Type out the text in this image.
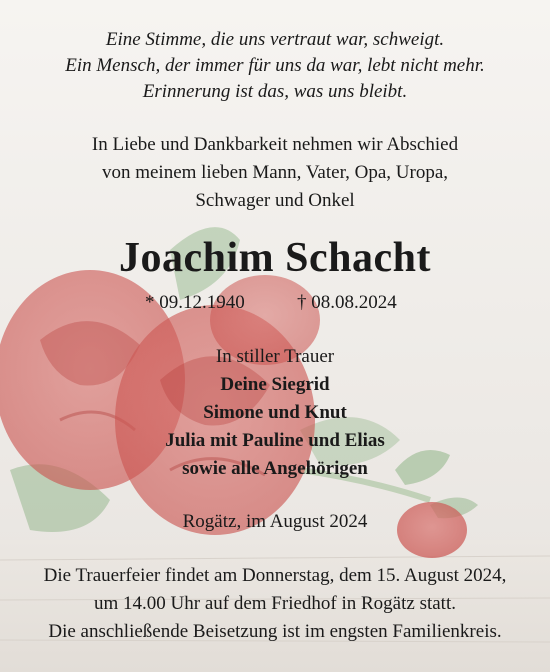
Eine Stimme, die uns vertraut war, schweigt.
Ein Mensch, der immer für uns da war, lebt nicht mehr.
Erinnerung ist das, was uns bleibt.
In Liebe und Dankbarkeit nehmen wir Abschied
von meinem lieben Mann, Vater, Opa, Uropa,
Schwager und Onkel
Joachim Schacht
* 09.12.1940	† 08.08.2024
In stiller Trauer
Deine Siegrid
Simone und Knut
Julia mit Pauline und Elias
sowie alle Angehörigen
Rogätz, im August 2024
Die Trauerfeier findet am Donnerstag, dem 15. August 2024,
um 14.00 Uhr auf dem Friedhof in Rogätz statt.
Die anschließende Beisetzung ist im engsten Familienkreis.
